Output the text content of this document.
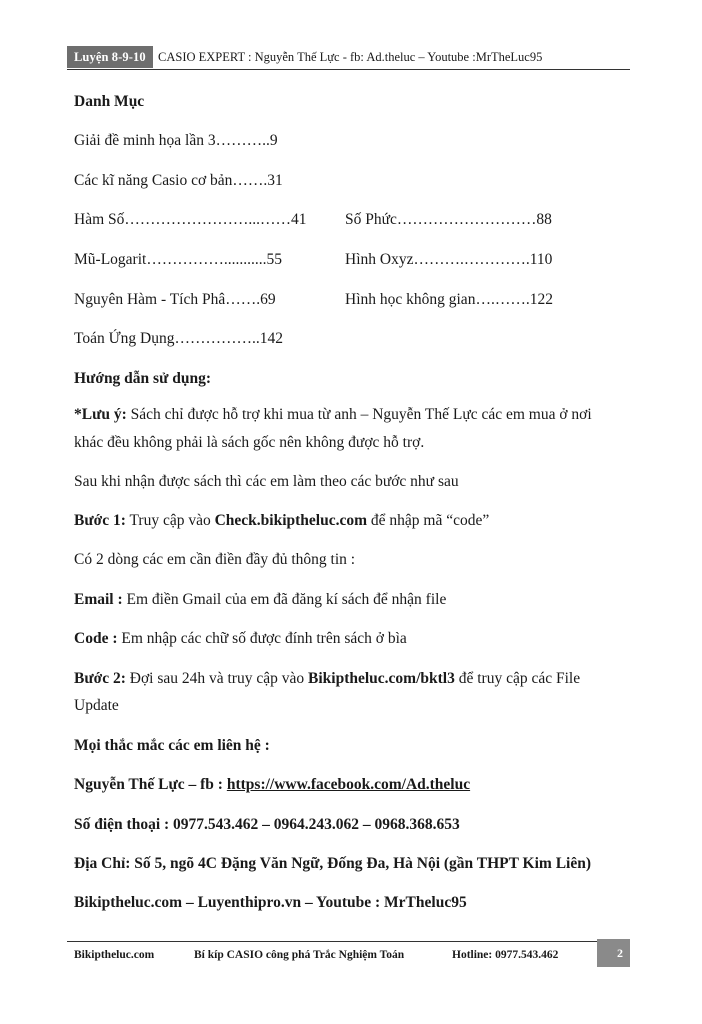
Luyện 8-9-10 CASIO EXPERT : Nguyễn Thế Lực - fb: Ad.theluc – Youtube :MrTheLuc95
Danh Mục
Giải đề minh họa lần 3………..9
Các kĩ năng Casio cơ bản…….31
Hàm Số……………………...……41 Số Phức………………………88
Mũ-Logarit……………...........55	Hình Oxyz……….………….110
Nguyên Hàm - Tích Phâ…….69	Hình học không gian….…….122
Toán Ứng Dụng……………..142
Hướng dẫn sử dụng:
*Lưu ý: Sách chỉ được hỗ trợ khi mua từ anh – Nguyễn Thế Lực các em mua ở nơi
khác đều không phải là sách gốc nên không được hỗ trợ.
Sau khi nhận được sách thì các em làm theo các bước như sau
Bước 1: Truy cập vào Check.bikiptheluc.com để nhập mã “code”
Có 2 dòng các em cần điền đầy đủ thông tin :
Email : Em điền Gmail của em đã đăng kí sách để nhận file
Code : Em nhập các chữ số được đính trên sách ở bìa
Bước 2: Đợi sau 24h và truy cập vào Bikiptheluc.com/bktl3 để truy cập các File
Update
Mọi thắc mắc các em liên hệ :
Nguyễn Thế Lực – fb : https://www.facebook.com/Ad.theluc
Số điện thoại : 0977.543.462 – 0964.243.062 – 0968.368.653
Địa Chỉ: Số 5, ngõ 4C Đặng Văn Ngữ, Đống Đa, Hà Nội (gần THPT Kim Liên)
Bikiptheluc.com – Luyenthipro.vn – Youtube : MrTheluc95
Bikiptheluc.com	Bí kíp CASIO công phá Trắc Nghiệm Toán	Hotline: 0977.543.462	2
